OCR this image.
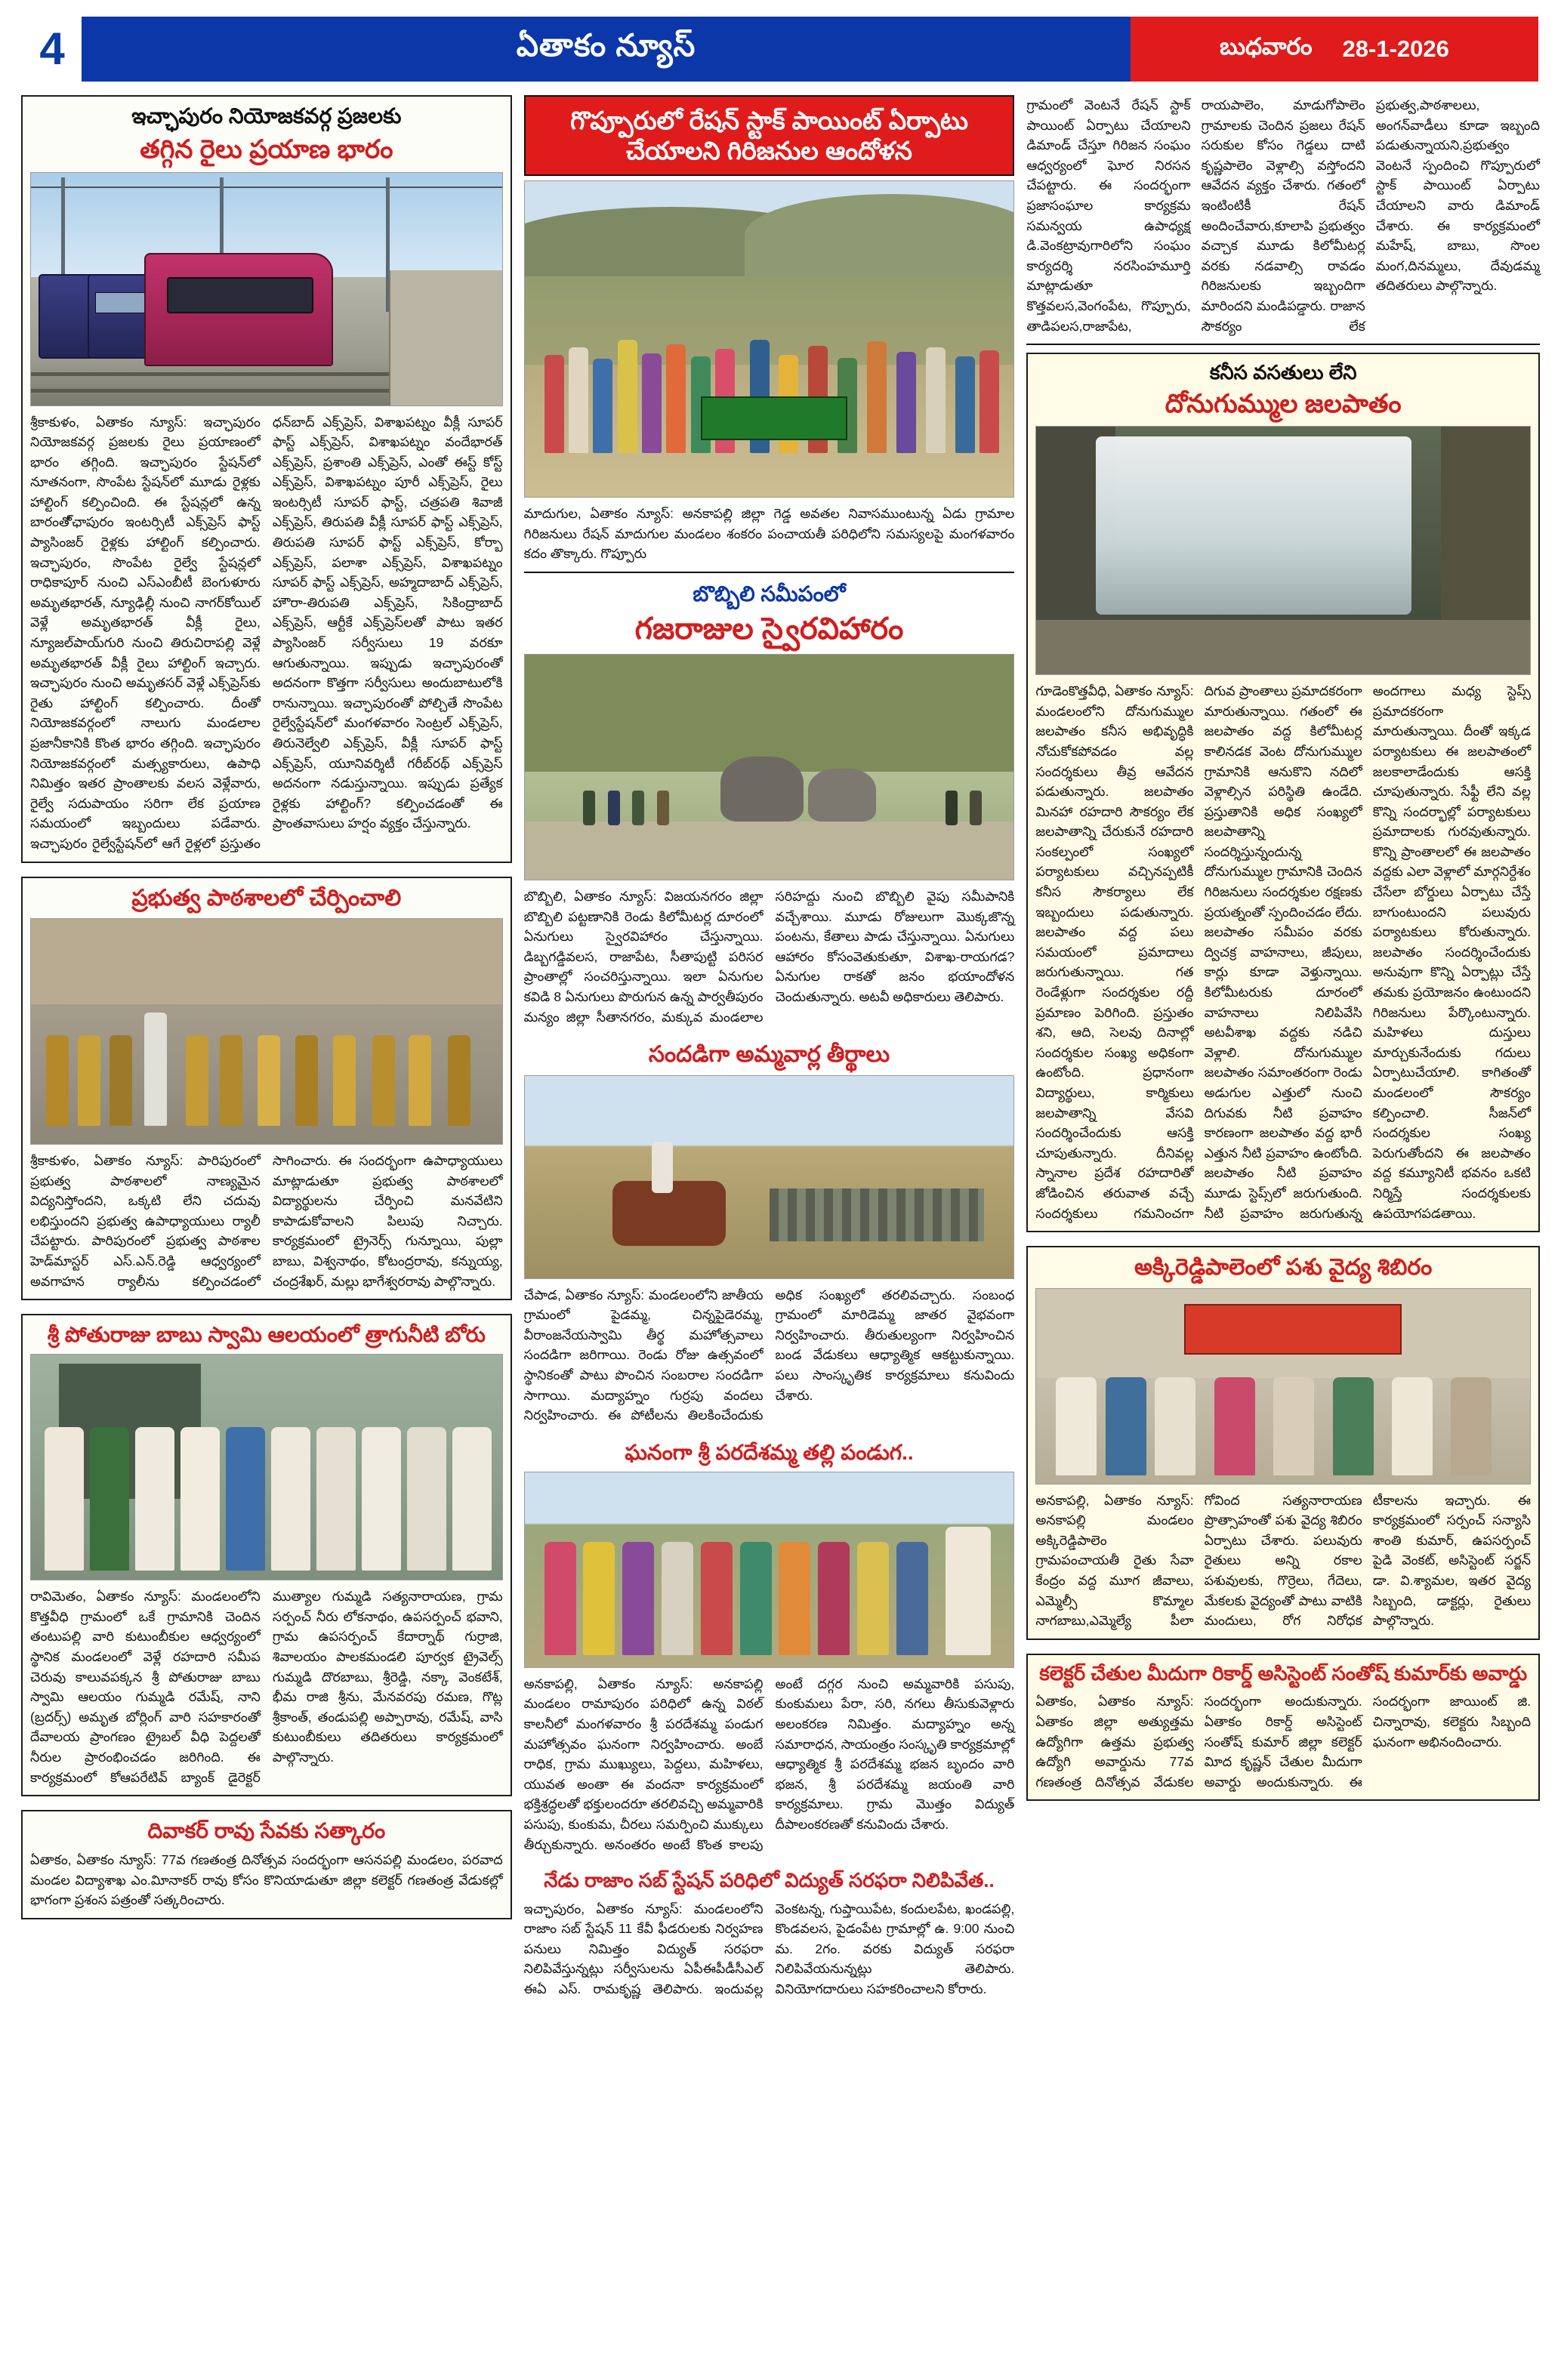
4	ఏతాకం న్యూస్	బుధవారం 28-1-2026
ఇచ్ఛాపురం నియోజకవర్గ ప్రజలకు
తగ్గిన రైలు ప్రయాణ భారం
శ్రీకాకుళం, ఏతాకం న్యూస్: ఇచ్ఛాపురం నియోజకవర్గ ప్రజలకు రైలు ప్రయాణంలో భారం తగ్గింది. ఇచ్ఛాపురం స్టేషన్‌లో నూతనంగా, సొంపేట స్టేషన్‌లో మూడు రైళ్లకు హాల్టింగ్ కల్పించింది. ఈ స్టేషన్లలో ఉన్న బారంతో్ఛాపురం ఇంటర్సిటీ ఎక్స్‌ప్రెస్ ఫాస్ట్ ప్యాసింజర్ రైళ్లకు హాల్టింగ్ కల్పించారు. ఇచ్ఛాపురం, సొంపేట రైల్వే స్టేషన్లలో రాధికాపూర్ నుంచి ఎస్ఎంబీటీ బెంగుళూరు అమృతభారత్, న్యూఢిల్లీ నుంచి నాగర్‌కోయిల్ వెళ్లే అమృతభారత్ వీక్లీ రైలు, న్యూజల్‌పాయ్‌గురి నుంచి తిరుచిరాపల్లి వెళ్లే అమృతభారత్ వీక్లీ రైలు హాల్టింగ్ ఇచ్చారు. ఇచ్ఛాపురం నుంచి అమృతసర్ వెళ్లే ఎక్స్‌ప్రెస్‌కు రైతు హాల్టింగ్ కల్పించారు. దీంతో నియోజకవర్గంలో నాలుగు మండలాల ప్రజానీకానికి కొంత భారం తగ్గింది. ఇచ్ఛాపురం నియోజకవర్గంలో మత్స్యకారులు, ఉపాధి నిమిత్తం ఇతర ప్రాంతాలకు వలస వెళ్లేవారు, రైల్వే సదుపాయం సరిగా లేక ప్రయాణ సమయంలో ఇబ్బందులు పడేవారు. ఇచ్ఛాపురం రైల్వేస్టేషన్‌లో ఆగే రైళ్లలో ప్రస్తుతం ధన్‌బాద్ ఎక్స్‌ప్రెస్, విశాఖపట్నం వీక్లీ సూపర్ ఫాస్ట్ ఎక్స్‌ప్రెస్, విశాఖపట్నం వందేభారత్ ఎక్స్‌ప్రెస్, ప్రశాంతి ఎక్స్‌ప్రెస్, ఎంతో ఈస్ట్ కోస్ట్ ఎక్స్‌ప్రెస్, విశాఖపట్నం పూరీ ఎక్స్‌ప్రెస్, రైలు ఇంటర్సిటీ సూపర్ ఫాస్ట్, చత్రపతి శివాజీ ఎక్స్‌ప్రెస్, తిరుపతి వీక్లీ సూపర్ ఫాస్ట్ ఎక్స్‌ప్రెస్, తిరుపతి సూపర్ ఫాస్ట్ ఎక్స్‌ప్రెస్, కోర్బా ఎక్స్‌ప్రెస్, పలాశా ఎక్స్‌ప్రెస్, విశాఖపట్నం సూపర్ ఫాస్ట్ ఎక్స్‌ప్రెస్, అహ్మదాబాద్ ఎక్స్‌ప్రెస్, హౌరా-తిరుపతి ఎక్స్‌ప్రెస్, సికింద్రాబాద్ ఎక్స్‌ప్రెస్, ఆర్టీకే ఎక్స్‌ప్రెస్‌లతో పాటు ఇతర ప్యాసింజర్ సర్వీసులు 19 వరకూ ఆగుతున్నాయి. ఇప్పుడు ఇచ్ఛాపురంతో అదనంగా కొత్తగా సర్వీసులు అందుబాటులోకి రానున్నాయి. ఇచ్ఛాపురంతో పోల్చితే సొంపేట రైల్వేస్టేషన్‌లో మంగళవారం సెంట్రల్ ఎక్స్‌ప్రెస్, తిరునెల్వేలి ఎక్స్‌ప్రెస్, వీక్లీ సూపర్ ఫాస్ట్ ఎక్స్‌ప్రెస్, యూనివర్శిటీ గరీబ్‌రథ్ ఎక్స్‌ప్రెస్ అదనంగా నడుస్తున్నాయి. ఇప్పుడు ప్రత్యేక రైళ్లకు హాల్టింగ్? కల్పించడంతో ఈ ప్రాంతవాసులు హర్షం వ్యక్తం చేస్తున్నారు.
ప్రభుత్వ పాఠశాలలో చేర్పించాలి
శ్రీకాకుళం, ఏతాకం న్యూస్: పారిపురంలో ప్రభుత్వ పాఠశాలలో నాణ్యమైన విద్యనిస్తోందని, ఒక్కటి లేని చదువు లభిస్తుందని ప్రభుత్వ ఉపాధ్యాయులు ర్యాలీ చేపట్టారు. పారిపురంలో ప్రభుత్వ పాఠశాల హెడ్‌మాస్టర్ ఎస్.ఎన్.రెడ్డి ఆధ్వర్యంలో అవగాహన ర్యాలీను కల్పించడంలో సాగించారు. ఈ సందర్భంగా ఉపాధ్యాయులు మాట్లాడుతూ ప్రభుత్వ పాఠశాలలో విద్యార్థులను చేర్పించి మనవేటిని కాపాడుకోవాలని పిలుపు నిచ్చారు. కార్యక్రమంలో ట్రైనెర్స్ గున్నూయి, పుల్లా బాబు, విశ్వనాథం, కోటంద్రరావు, కన్నుయ్య, చంద్రశేఖర్, మల్లు భాగేశ్వరరావు పాల్గొన్నారు.
శ్రీ పోతురాజు బాబు స్వామి ఆలయంలో త్రాగునీటి బోరు
రావిమెతం, ఏతాకం న్యూస్: మండలంలోని కొత్తవీధి గ్రామంలో ఒకే గ్రామానికి చెందిన తంటుపల్లి వారి కుటుంబీకుల ఆధ్వర్యంలో స్థానిక మండలంలో వెళ్లే రహదారి సమీప చెరువు కాలువపక్కన శ్రీ పోతురాజు బాబు స్వామి ఆలయం గుమ్మడి రమేష్, నాని (బ్రదర్స్) అమృత బోర్లింగ్ వారి సహకారంతో దేవాలయ ప్రాంగణం ట్రైబల్ వీధి పెద్దలతో నీరుల ప్రారంభించడం జరిగింది. ఈ కార్యక్రమంలో కోఆపరేటివ్ బ్యాంక్ డైరెక్టర్ ముత్యాల గుమ్మడి సత్యనారాయణ, గ్రామ సర్పంచ్ నీరు లోకనాథం, ఉపసర్పంచ్ భవాని, గ్రామ ఉపసర్పంచ్ కేదార్నాథ్ గుర్రాజి, శివాలయం పాలకమండలి పూర్వక ట్రైవెల్స్ గుమ్మడి దొరబాబు, శ్రీరెడ్డి, నక్కా వెంకటేశ్, భీమ రాజి శ్రీను, మేనవరపు రమణ, గొట్ల శ్రీకాంత్, తండుపల్లి అప్పారావు, రమేష్, వాసి కుటుంబీకులు తదితరులు కార్యక్రమంలో పాల్గొన్నారు.
దివాకర్ రావు సేవకు సత్కారం
ఏతాకం, ఏతాకం న్యూస్: 77వ గణతంత్ర దినోత్సవ సందర్భంగా ఆసనపల్లి మండలం, పరవాద మండల విద్యాశాఖ ఎం.విూనాకర్ రావు కోసం కొనియాడుతూ జిల్లా కలెక్టర్ గణతంత్ర వేడుకల్లో భాగంగా ప్రశంస పత్రంతో సత్కరించారు.
గొప్పూరులో రేషన్ స్టాక్ పాయింట్ ఏర్పాటు చేయాలని గిరిజనుల ఆందోళన
మాదుగుల, ఏతాకం న్యూస్: అనకాపల్లి జిల్లా గెడ్డ అవతల నివాసముంటున్న ఏడు గ్రామాల గిరిజనులు రేషన్ మాదుగుల మండలం శంకరం పంచాయతీ పరిధిలోని సమస్యలపై మంగళవారం కదం తొక్కారు. గొప్పూరు
బొబ్బిలి సమీపంలో
గజరాజుల స్వైరవిహారం
బొబ్బిలి, ఏతాకం న్యూస్: విజయనగరం జిల్లా బొబ్బిలి పట్టణానికి రెండు కిలోమీటర్ల దూరంలో ఏనుగులు స్వైరవిహారం చేస్తున్నాయి. డిబ్బగడ్డివలస, రాజాపేట, సీతాపుట్టి పరిసర ప్రాంతాల్లో సంచరిస్తున్నాయి. ఇలా ఏనుగుల కవిడి 8 ఏనుగులు పొరుగున ఉన్న పార్వతీపురం మన్యం జిల్లా సీతానగరం, మక్కువ మండలాల సరిహద్దు నుంచి బొబ్బిలి వైపు సమీపానికి వచ్చేశాయి. మూడు రోజులుగా మొక్కజొన్న పంటను, కేతాలు పాడు చేస్తున్నాయి. ఏనుగులు ఆహారం కోసంవెతుకుతూ, విశాఖ-రాయగడ? ఏనుగుల రాకతో జనం భయాందోళన చెందుతున్నారు. అటవీ అధికారులు తెలిపారు.
సందడిగా అమ్మవార్ల తీర్థాలు
చేపాడ, ఏతాకం న్యూస్: మండలంలోని జాతీయ గ్రామంలో పైడమ్మ, చిన్నపైడెరమ్మ, వీరాంజనేయస్వామి తీర్థ మహోత్సవాలు సందడిగా జరిగాయి. రెండు రోజు ఉత్సవంలో స్థానికంతో పాటు పొంచిన సంబరాల సందడిగా సాగాయి. మద్యాహ్నం గుర్రపు వందలు నిర్వహించారు. ఈ పోటీలను తిలకించేందుకు అధిక సంఖ్యలో తరలివచ్చారు. సంబంధ గ్రామంలో మారిడెమ్మ జాతర వైభవంగా నిర్వహించారు. తీరుతుల్యంగా నిర్వహించిన బండ వేడుకలు ఆధ్యాత్మిక ఆకట్టుకున్నాయి. పలు సాంస్కృతిక కార్యక్రమాలు కనువిందు చేశారు.
ఘనంగా శ్రీ పరదేశమ్మ తల్లి పండుగ..
అనకాపల్లి, ఏతాకం న్యూస్: అనకాపల్లి మండలం రామాపురం పరిధిలో ఉన్న విఠల్ కాలనీలో మంగళవారం శ్రీ పరదేశమ్మ పండుగ మహోత్సవం ఘనంగా నిర్వహించారు. అంబే రాధిక, గ్రామ ముఖ్యులు, పెద్దలు, మహిళలు, యువత అంతా ఈ వందనా కార్యక్రమంలో భక్తిశ్రద్ధలతో భక్తులందరూ తరలివచ్చి అమ్మవారికి పసుపు, కుంకుమ, చీరలు సమర్పించి ముక్కులు తీర్చుకున్నారు. అనంతరం అంటే కొంత కాలపు అంటే దగ్గర నుంచి అమ్మవారికి పసుపు, కుంకుమలు పేరా, సరి, నగలు తీసుకువెళ్లారు అలంకరణ నిమిత్తం. మద్యాహ్నం అన్న సమారాధన, సాయంత్రం సంస్కృతి కార్యక్రమాల్లో ఆధ్యాత్మిక శ్రీ పరదేశమ్మ భజన బృందం వారి భజన, శ్రీ పరదేశమ్మ జయంతి వారి కార్యక్రమాలు. గ్రామ మొత్తం విద్యుత్ దీపాలంకరణతో కనువిందు చేశారు.
నేడు రాజాం సబ్ స్టేషన్ పరిధిలో విద్యుత్ సరఫరా నిలిపివేత..
ఇచ్ఛాపురం, ఏతాకం న్యూస్: మండలంలోని రాజాం సబ్ స్టేషన్ 11 కేవీ ఫీడరులకు నిర్వహణ పనులు నిమిత్తం విద్యుత్ సరఫరా నిలిపివేస్తున్నట్లు సర్వీసులను ఏపీఈపీడీసీఎల్ ఈఏ ఎస్. రామకృష్ణ తెలిపారు. ఇందువల్ల వెంకటన్న, గుప్తాయిపేట, కందులపేట, ఖండపల్లి, కొండవలస, పైడంపేట గ్రామాల్లో ఉ. 9:00 నుంచి మ. 2గం. వరకు విద్యుత్ సరఫరా నిలిపివేయనున్నట్లు తెలిపారు. వినియోగదారులు సహకరించాలని కోరారు.
గ్రామంలో వెంటనే రేషన్ స్టాక్ పాయింట్ ఏర్పాటు చేయాలని డిమాండ్ చేస్తూ గిరిజన సంఘం ఆధ్వర్యంలో ఘోర నిరసన చేపట్టారు. ఈ సందర్భంగా ప్రజాసంఘాల కార్యక్రమ సమన్వయ ఉపాధ్యక్ష డి.వెంకట్రావుగారిలోని సంఘం కార్యదర్శి నరసింహమూర్తి మాట్లాడుతూ కొత్తవలస,వెంగంపేట, గొప్పూరు, తాడిపలస,రాజాపేట, రాయపాలెం, మాడుగోపాలెం గ్రామాలకు చెందిన ప్రజలు రేషన్ సరుకుల కోసం గెడ్డలు దాటి కృష్ణపాలెం వెళ్లాల్సి వస్తోందని ఆవేదన వ్యక్తం చేశారు. గతంలో ఇంటింటికీ రేషన్ అందించేవారు,కూలాపి ప్రభుత్వం వచ్చాక మూడు కిలోమీటర్ల వరకు నడవాల్సి రావడం గిరిజనులకు ఇబ్బందిగా మారిందని మండిపడ్డారు. రాజాన సౌకర్యం లేక ప్రభుత్వ,పాఠశాలలు, అంగన్‌వాడీలు కూడా ఇబ్బంది పడుతున్నాయని,ప్రభుత్వం వెంటనే స్పందించి గొప్పూరులో స్టాక్ పాయింట్ ఏర్పాటు చేయాలని వారు డిమాండ్ చేశారు. ఈ కార్యక్రమంలో మహేష్, బాబు, సొంల మంగ,దినమ్మలు, దేవుడమ్మ తదితరులు పాల్గొన్నారు.
కనీస వసతులు లేని
దోనుగుమ్ముల జలపాతం
గూడెంకొత్తవీధి, ఏతాకం న్యూస్: మండలంలోని దోనుగుమ్ముల జలపాతం కనీస అభివృద్ధికి నోచుకోకపోవడం వల్ల సందర్శకులు తీవ్ర ఆవేదన పడుతున్నారు. జలపాతం మినహా రహదారి సౌకర్యం లేక జలపాతాన్ని చేరుకునే రహదారి సంకల్పంలో సంఖ్యలో పర్యాటకులు వచ్చినప్పటికీ కనీస సౌకర్యాలు లేక ఇబ్బందులు పడుతున్నారు. జలపాతం వద్ద పలు సమయంలో ప్రమాదాలు జరుగుతున్నాయి. గత రెండేళ్లుగా సందర్శకుల రద్దీ ప్రమాణం పెరిగింది. ప్రస్తుతం శని, ఆది, సెలవు దినాల్లో సందర్శకుల సంఖ్య అధికంగా ఉంటోంది. ప్రధానంగా విద్యార్థులు, కార్మికులు జలపాతాన్ని వేసవి సందర్శించేందుకు ఆసక్తి చూపుతున్నారు. దీనివల్ల స్నానాల ప్రదేశ రహదారితో జోడించిన తరువాత వచ్చే సందర్శకులు గమనించగా దిగువ ప్రాంతాలు ప్రమాదకరంగా మారుతున్నాయి. గతంలో ఈ జలపాతం వద్ద కిలోమీటర్ల కాలినడక వెంట దోనుగుమ్ముల గ్రామానికి ఆనుకొని నదిలో వెళ్లాల్సిన పరిస్థితి ఉండేది. ప్రస్తుతానికి అధిక సంఖ్యలో జలపాతాన్ని సందర్శిస్తున్నందున్న దోనుగుమ్ముల గ్రామానికి చెందిన గిరిజనులు సందర్శకుల రక్షణకు ప్రయత్నంతో స్పందించడం లేదు. జలపాతం సమీపం వరకు ద్విచక్ర వాహనాలు, జీపులు, కార్లు కూడా వెళ్తున్నాయి. కిలోమీటరుకు దూరంలో వాహనాలు నిలిపివేసి అటవీశాఖ వద్దకు నడిచి వెళ్లాలి. దోనుగుమ్ముల జలపాతం సమాంతరంగా రెండు అడుగుల ఎత్తులో నుంచి దిగువకు నీటి ప్రవాహం కారణంగా జలపాతం వద్ద భారీ ఎత్తున నీటి ప్రవాహం ఉంటోంది. జలపాతం నీటి ప్రవాహం మూడు స్టెప్స్‌లో జరుగుతుంది. నీటి ప్రవాహం జరుగుతున్న అందగాలు మధ్య స్టెప్స్ ప్రమాదకరంగా మారుతున్నాయి. దీంతో ఇక్కడ పర్యాటకులు ఈ జలపాతంలో జలకాలాడేందుకు ఆసక్తి చూపుతున్నారు. సేఫ్టీ లేని వల్ల కొన్ని సందర్భాల్లో పర్యాటకులు ప్రమాదాలకు గురవుతున్నారు. కొన్ని ప్రాంతాలలో ఈ జలపాతం వద్దకు ఎలా వెళ్లాలో మార్గనిర్దేశం చేసేలా బోర్డులు ఏర్పాటు చేస్తే బాగుంటుందని పలువురు పర్యాటకులు కోరుతున్నారు. జలపాతం సందర్శించేందుకు అనువుగా కొన్ని ఏర్పాట్లు చేస్తే తమకు ప్రయోజనం ఉంటుందని గిరిజనులు పేర్కొంటున్నారు. మహిళలు దుస్తులు మార్చుకునేందుకు గదులు ఏర్పాటుచేయాలి. కాగితంతో మండలంలో సౌకర్యం కల్పించాలి. సీజన్‌లో సందర్శకుల సంఖ్య పెరుగుతోందని ఈ జలపాతం వద్ద కమ్యూనిటీ భవనం ఒకటి నిర్మిస్తే సందర్శకులకు ఉపయోగపడతాయి.
అక్కిరెడ్డిపాలెంలో పశు వైద్య శిబిరం
అనకాపల్లి, ఏతాకం న్యూస్: అనకాపల్లి మండలం అక్కిరెడ్డిపాలెం గ్రామపంచాయతీ రైతు సేవా కేంద్రం వద్ద మూగ జీవాలు, ఎమ్మెల్సీ కొమ్మాల నాగబాబు,ఎమ్మెల్యే పీలా గోవింద సత్యనారాయణ ప్రొత్సాహంతో పశు వైద్య శిబిరం ఏర్పాటు చేశారు. పలువురు రైతులు అన్ని రకాల పశువులకు, గొర్రెలు, గేదెలు, మేకలకు వైద్యంతో పాటు వాటికి మందులు, రోగ నిరోధక టీకాలను ఇచ్చారు. ఈ కార్యక్రమంలో సర్పంచ్ సన్యాసి శాంతి కుమార్, ఉపసర్పంచ్ పైడి వెంకట్, అసిస్టెంట్ సర్జన్ డా. వి.శ్యామల, ఇతర వైద్య సిబ్బంది, డాక్టర్లు, రైతులు పాల్గొన్నారు.
కలెక్టర్ చేతుల మీదుగా రికార్డ్ అసిస్టెంట్ సంతోష్ కుమార్‌కు అవార్డు
ఏతాకం, ఏతాకం న్యూస్: ఏతాకం జిల్లా అత్యుత్తమ ఉద్యోగిగా ఉత్తమ ప్రభుత్వ ఉద్యోగి అవార్డును 77వ గణతంత్ర దినోత్సవ వేడుకల సందర్భంగా అందుకున్నారు. ఏతాకం రికార్డ్ అసిస్టెంట్ సంతోష్ కుమార్ జిల్లా కలెక్టర్ విూద కృష్ణన్ చేతుల మీదుగా అవార్డు అందుకున్నారు. ఈ సందర్భంగా జాయింట్ జి. చిన్నారావు, కలెక్టరు సిబ్బంది ఘనంగా అభినందించారు.
